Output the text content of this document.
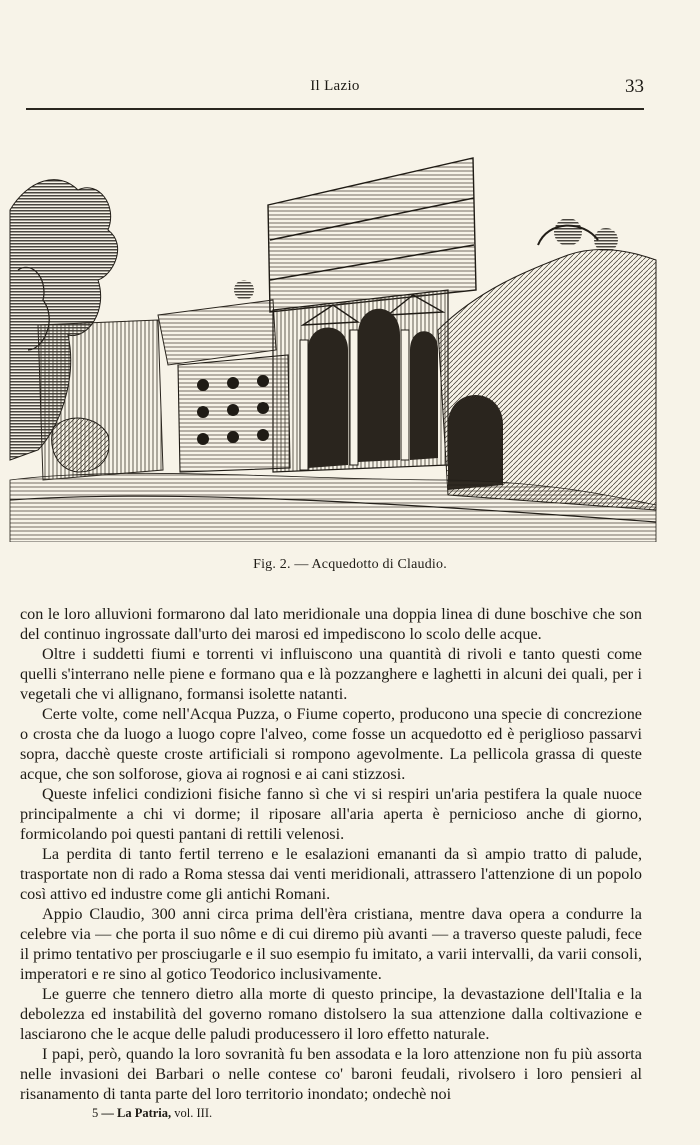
Il Lazio	33
Fig. 2. — Acquedotto di Claudio.

con le loro alluvioni formarono dal lato meridionale una doppia linea di dune boschive che son del continuo ingrossate dall'urto dei marosi ed impediscono lo scolo delle acque.

Oltre i suddetti fiumi e torrenti vi influiscono una quantità di rivoli e tanto questi come quelli s'interrano nelle piene e formano qua e là pozzanghere e laghetti in alcuni dei quali, per i vegetali che vi allignano, formansi isolette natanti.

Certe volte, come nell'Acqua Puzza, o Fiume coperto, producono una specie di concrezione o crosta che da luogo a luogo copre l'alveo, come fosse un acquedotto ed è periglioso passarvi sopra, dacchè queste croste artificiali si rompono agevolmente. La pellicola grassa di queste acque, che son solforose, giova ai rognosi e ai cani stizzosi.

Queste infelici condizioni fisiche fanno sì che vi si respiri un'aria pestifera la quale nuoce principalmente a chi vi dorme; il riposare all'aria aperta è pernicioso anche di giorno, formicolando poi questi pantani di rettili velenosi.

La perdita di tanto fertil terreno e le esalazioni emananti da sì ampio tratto di palude, trasportate non di rado a Roma stessa dai venti meridionali, attrassero l'attenzione di un popolo così attivo ed industre come gli antichi Romani.

Appio Claudio, 300 anni circa prima dell'èra cristiana, mentre dava opera a condurre la celebre via — che porta il suo nôme e di cui diremo più avanti — a traverso queste paludi, fece il primo tentativo per prosciugarle e il suo esempio fu imitato, a varii intervalli, da varii consoli, imperatori e re sino al gotico Teodorico inclusivamente.

Le guerre che tennero dietro alla morte di questo principe, la devastazione dell'Italia e la debolezza ed instabilità del governo romano distolsero la sua attenzione dalla coltivazione e lasciarono che le acque delle paludi producessero il loro effetto naturale.

I papi, però, quando la loro sovranità fu ben assodata e la loro attenzione non fu più assorta nelle invasioni dei Barbari o nelle contese co' baroni feudali, rivolsero i loro pensieri al risanamento di tanta parte del loro territorio inondato; ondechè noi

5 — La Patria, vol. III.
